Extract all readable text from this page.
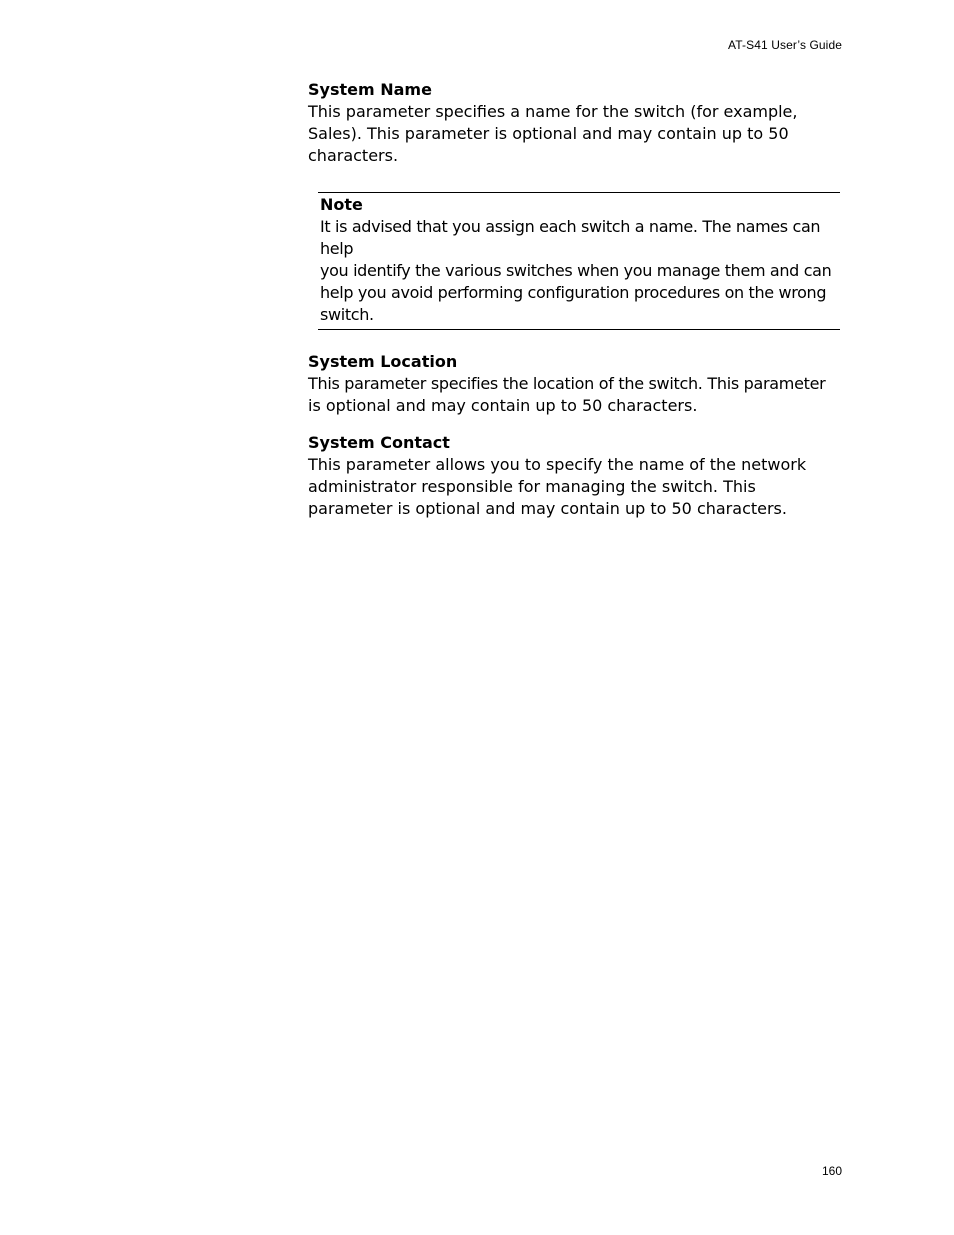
AT-S41 User’s Guide
System Name
This parameter specifies a name for the switch (for example,
Sales). This parameter is optional and may contain up to 50
characters.
Note
It is advised that you assign each switch a name. The names can help
you identify the various switches when you manage them and can
help you avoid performing configuration procedures on the wrong
switch.
System Location
This parameter specifies the location of the switch. This parameter
is optional and may contain up to 50 characters.
System Contact
This parameter allows you to specify the name of the network
administrator responsible for managing the switch. This
parameter is optional and may contain up to 50 characters.
160
